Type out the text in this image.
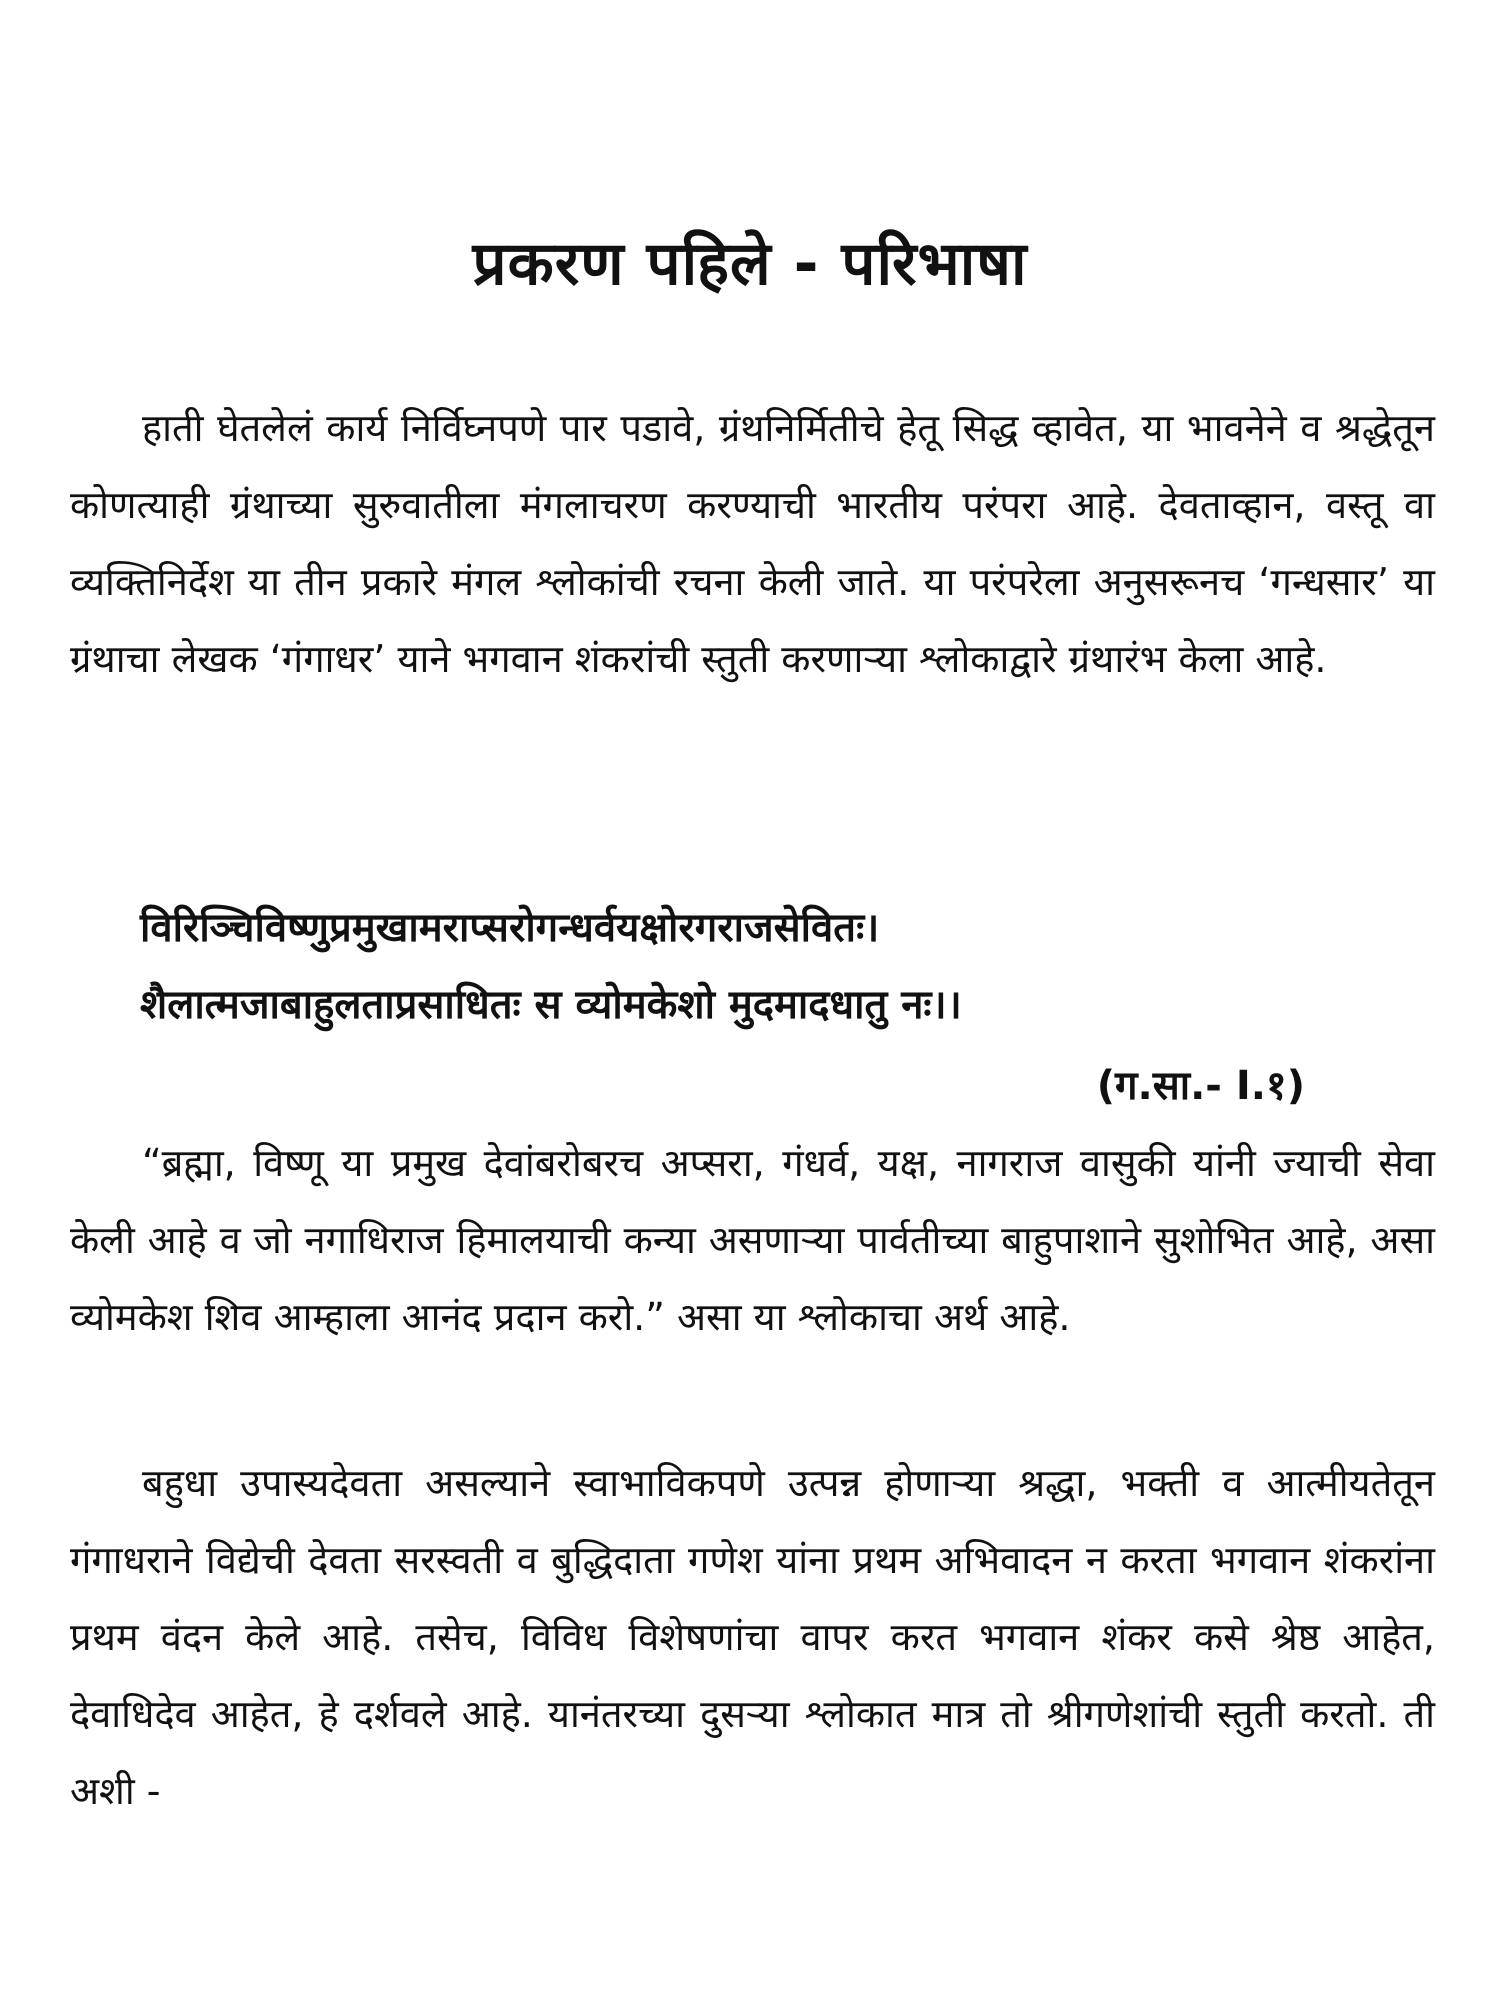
प्रकरण पहिले - परिभाषा
हाती घेतलेलं कार्य निर्विघ्नपणे पार पडावे, ग्रंथनिर्मितीचे हेतू सिद्ध व्हावेत, या भावनेने व श्रद्धेतून कोणत्याही ग्रंथाच्या सुरुवातीला मंगलाचरण करण्याची भारतीय परंपरा आहे. देवताव्हान, वस्तू वा व्यक्तिनिर्देश या तीन प्रकारे मंगल श्लोकांची रचना केली जाते. या परंपरेला अनुसरूनच ‘गन्धसार’ या ग्रंथाचा लेखक ‘गंगाधर’ याने भगवान शंकरांची स्तुती करणाऱ्या श्लोकाद्वारे ग्रंथारंभ केला आहे.
विरिञ्चिविष्णुप्रमुखामराप्सरोगन्धर्वयक्षोरगराजसेवितः।
शैलात्मजाबाहुलताप्रसाधितः स व्योमकेशो मुदमादधातु नः।।
(ग.सा.- I.१)
“ब्रह्मा, विष्णू या प्रमुख देवांबरोबरच अप्सरा, गंधर्व, यक्ष, नागराज वासुकी यांनी ज्याची सेवा केली आहे व जो नगाधिराज हिमालयाची कन्या असणाऱ्या पार्वतीच्या बाहुपाशाने सुशोभित आहे, असा व्योमकेश शिव आम्हाला आनंद प्रदान करो.” असा या श्लोकाचा अर्थ आहे.
बहुधा उपास्यदेवता असल्याने स्वाभाविकपणे उत्पन्न होणाऱ्या श्रद्धा, भक्ती व आत्मीयतेतून गंगाधराने विद्येची देवता सरस्वती व बुद्धिदाता गणेश यांना प्रथम अभिवादन न करता भगवान शंकरांना प्रथम वंदन केले आहे. तसेच, विविध विशेषणांचा वापर करत भगवान शंकर कसे श्रेष्ठ आहेत, देवाधिदेव आहेत, हे दर्शवले आहे. यानंतरच्या दुसऱ्या श्लोकात मात्र तो श्रीगणेशांची स्तुती करतो. ती अशी -
